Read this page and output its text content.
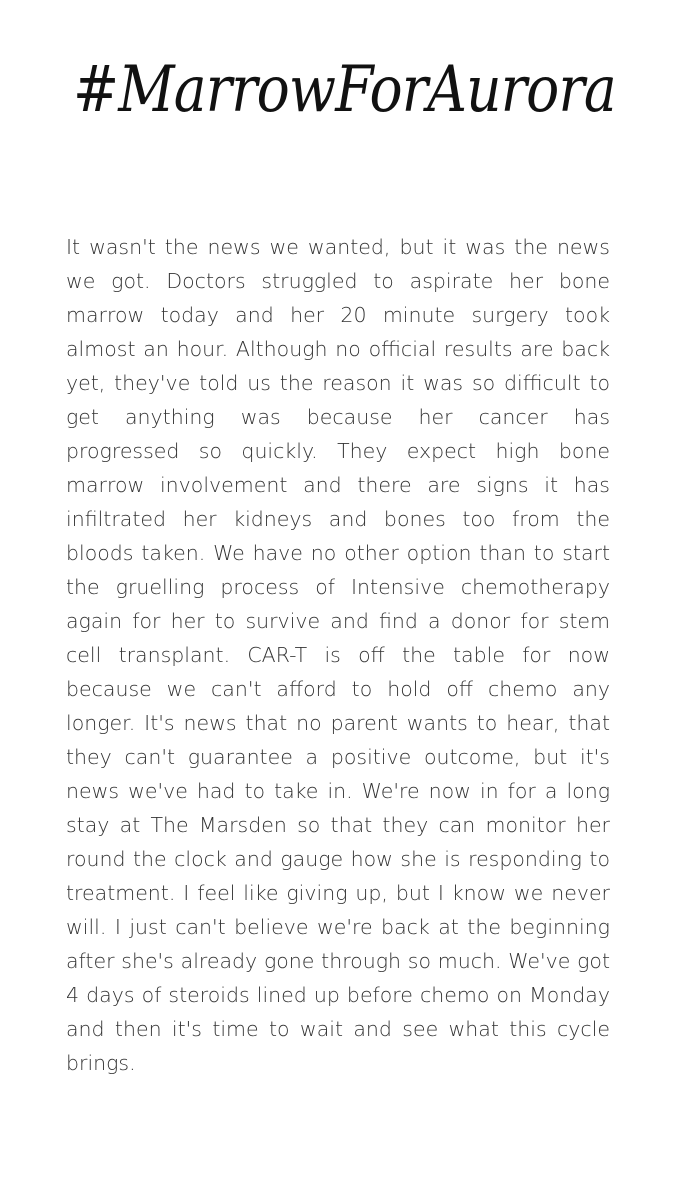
#MarrowForAurora
It wasn't the news we wanted, but it was the news we got. Doctors struggled to aspirate her bone marrow today and her 20 minute surgery took almost an hour. Although no official results are back yet, they've told us the reason it was so difficult to get anything was because her cancer has progressed so quickly. They expect high bone marrow involvement and there are signs it has infiltrated her kidneys and bones too from the bloods taken. We have no other option than to start the gruelling process of Intensive chemotherapy again for her to survive and find a donor for stem cell transplant. CAR-T is off the table for now because we can't afford to hold off chemo any longer. It's news that no parent wants to hear, that they can't guarantee a positive outcome, but it's news we've had to take in. We're now in for a long stay at The Marsden so that they can monitor her round the clock and gauge how she is responding to treatment. I feel like giving up, but I know we never will. I just can't believe we're back at the beginning after she's already gone through so much. We've got 4 days of steroids lined up before chemo on Monday and then it's time to wait and see what this cycle brings.
